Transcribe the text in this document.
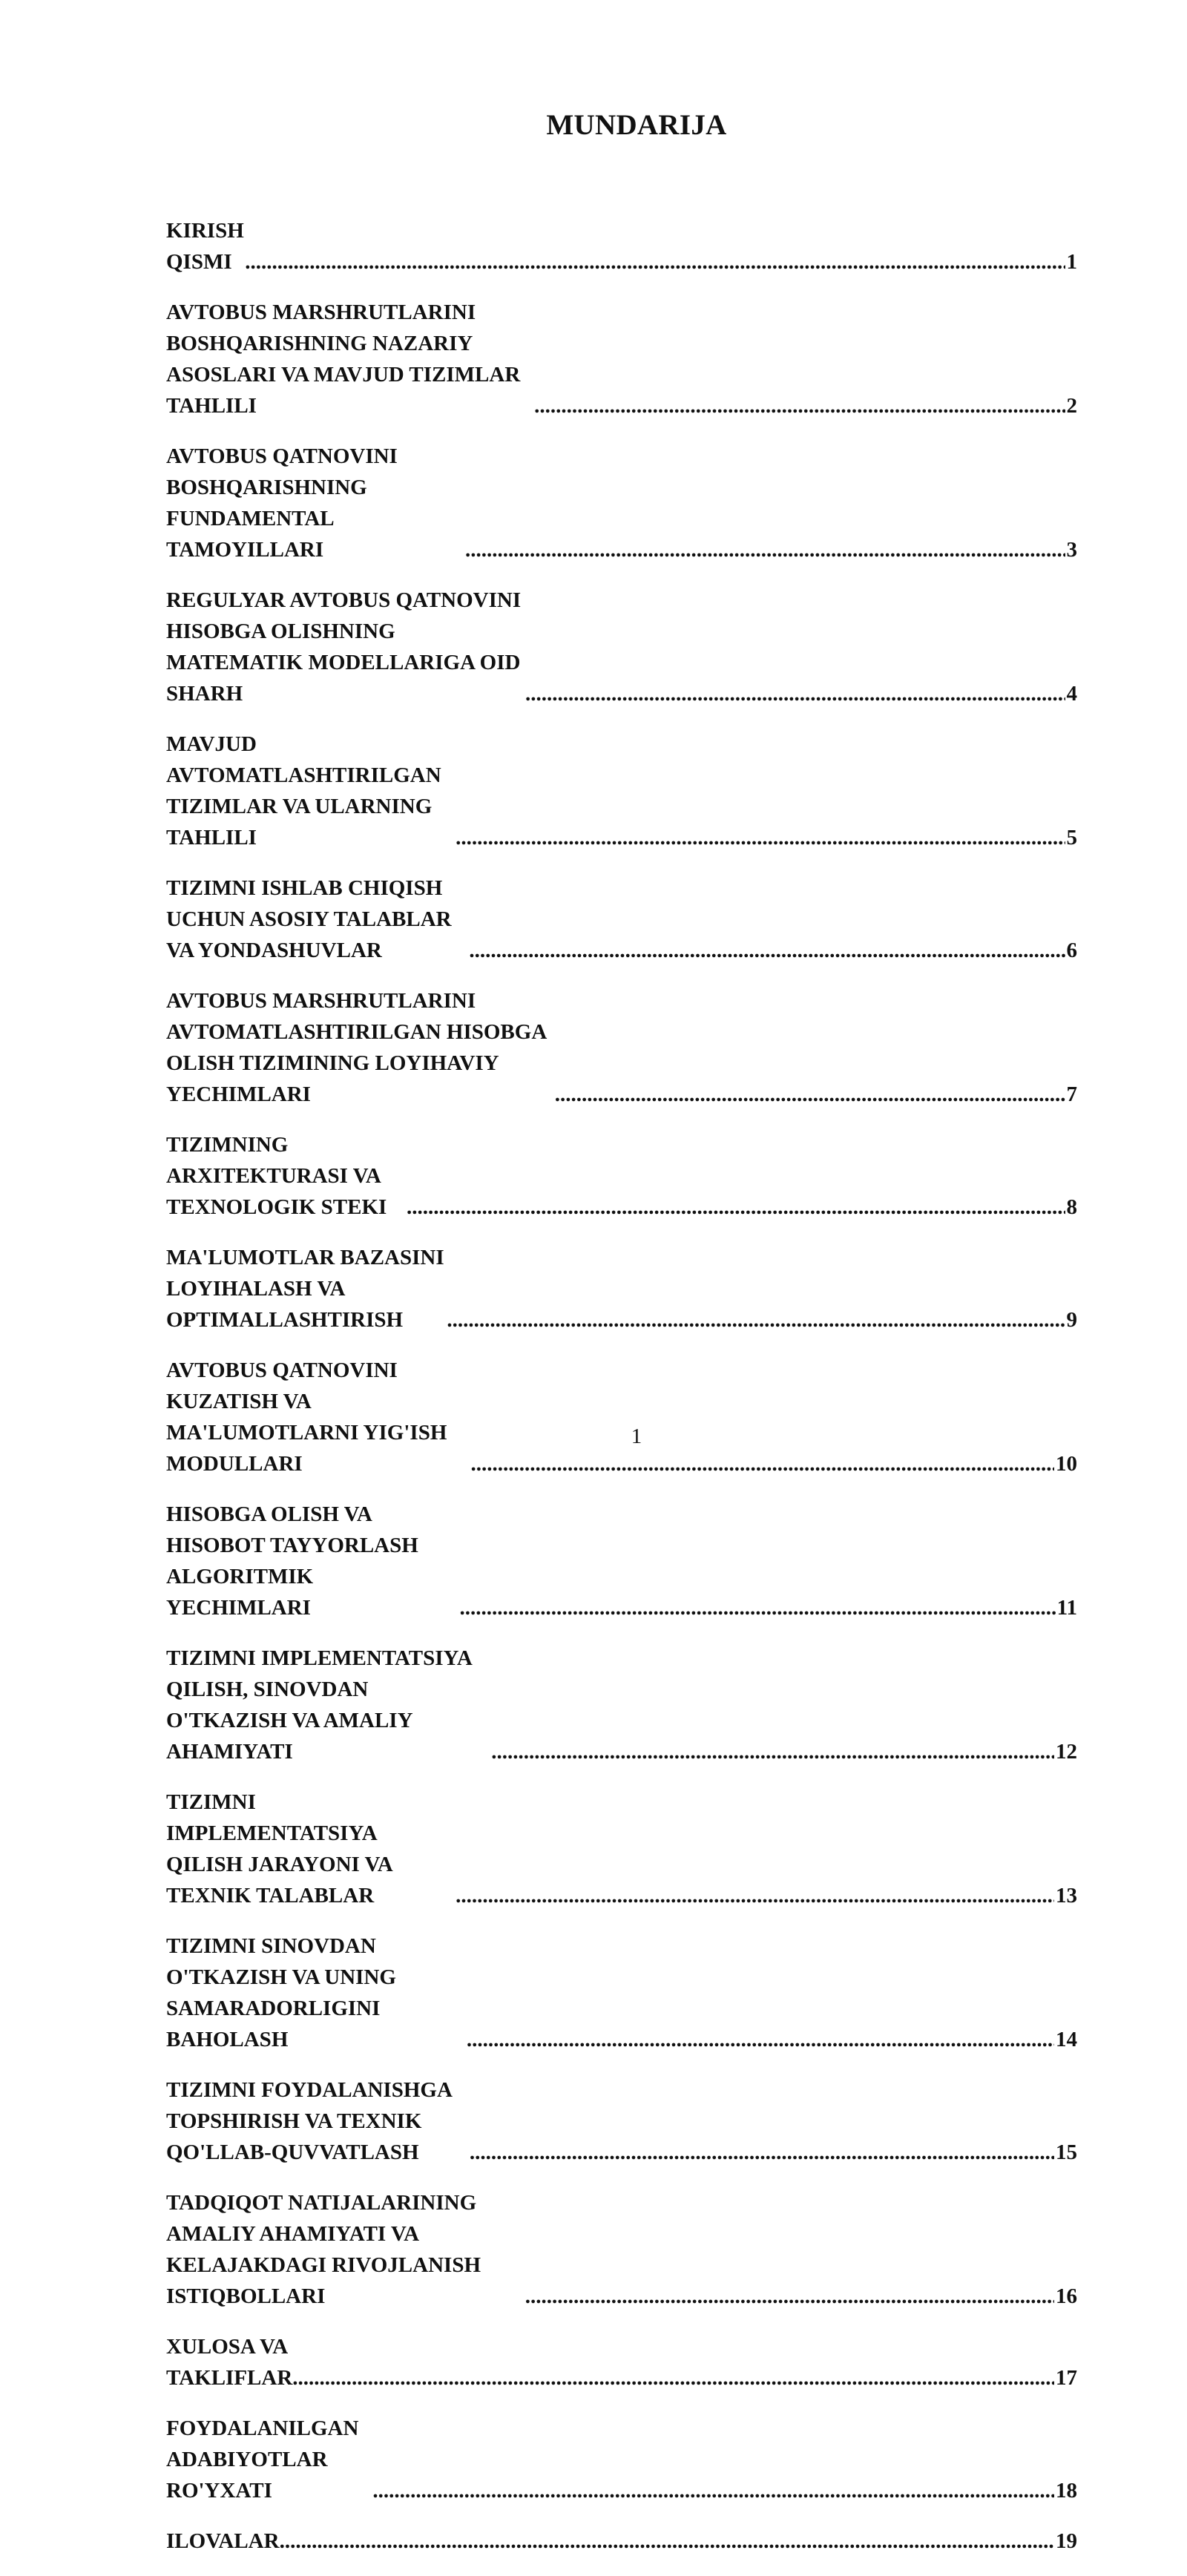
MUNDARIJA
KIRISH QISMI .....	1
AVTOBUS MARSHRUTLARINI BOSHQARISHNING NAZARIY ASOSLARI VA MAVJUD TIZIMLAR TAHLILI .....	2
AVTOBUS QATNOVINI BOSHQARISHNING FUNDAMENTAL TAMOYILLARI .....	3
REGULYAR AVTOBUS QATNOVINI HISOBGA OLISHNING MATEMATIK MODELLARIGA OID SHARH .....	4
MAVJUD AVTOMATLASHTIRILGAN TIZIMLAR VA ULARNING TAHLILI .....	5
TIZIMNI ISHLAB CHIQISH UCHUN ASOSIY TALABLAR VA YONDASHUVLAR .....	6
AVTOBUS MARSHRUTLARINI AVTOMATLASHTIRILGAN HISOBGA OLISH TIZIMINING LOYIHAVIY YECHIMLARI .....	7
TIZIMNING ARXITEKTURASI VA TEXNOLOGIK STEKI .....	8
MA'LUMOTLAR BAZASINI LOYIHALASH VA OPTIMALLASHTIRISH .....	9
AVTOBUS QATNOVINI KUZATISH VA MA'LUMOTLARNI YIG'ISH MODULLARI .....	10
HISOBGA OLISH VA HISOBOT TAYYORLASH ALGORITMIK YECHIMLARI .....	11
TIZIMNI IMPLEMENTATSIYA QILISH, SINOVDAN O'TKAZISH VA AMALIY AHAMIYATI .....	12
TIZIMNI IMPLEMENTATSIYA QILISH JARAYONI VA TEXNIK TALABLAR .....	13
TIZIMNI SINOVDAN O'TKAZISH VA UNING SAMARADORLIGINI BAHOLASH .....	14
TIZIMNI FOYDALANISHGA TOPSHIRISH VA TEXNIK QO'LLAB-QUVVATLASH .....	15
TADQIQOT NATIJALARINING AMALIY AHAMIYATI VA KELAJAKDAGI RIVOJLANISH ISTIQBOLLARI .....	16
XULOSA VA TAKLIFLAR .....	17
FOYDALANILGAN ADABIYOTLAR RO'YXATI .....	18
ILOVALAR .....	19
1
